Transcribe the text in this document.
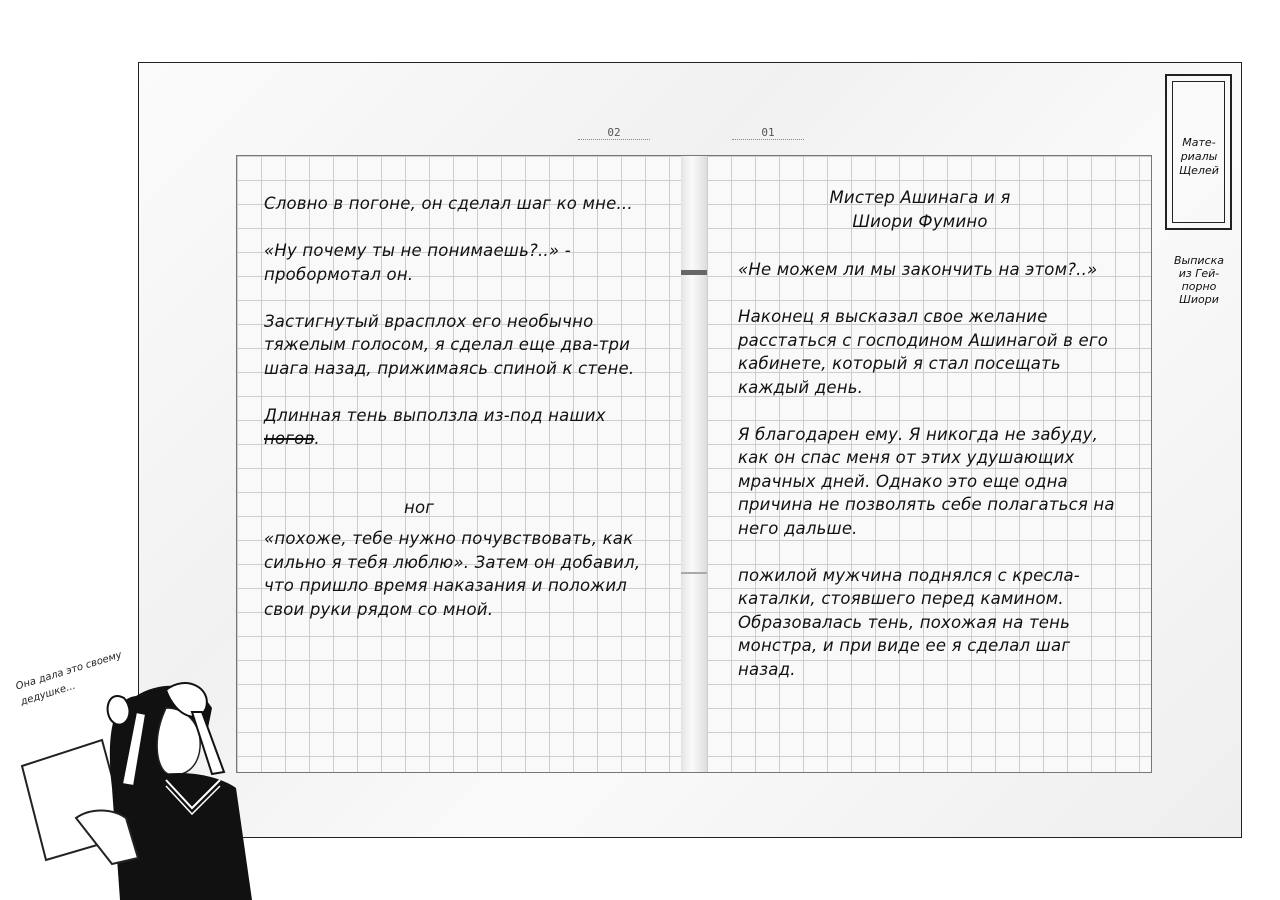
02	01
Словно в погоне, он сделал шаг ко мне...
«Ну почему ты не понимаешь?..» - пробормотал он.
Застигнутый врасплох его необычно тяжелым голосом, я сделал еще два-три шага назад, прижимаясь спиной к стене.
Длинная тень выползла из-под наших ногов.
ног
«похоже, тебе нужно почувствовать, как сильно я тебя люблю». Затем он добавил, что пришло время наказания и положил свои руки рядом со мной.
Мистер Ашинага и я
Шиори Фумино
«Не можем ли мы закончить на этом?..»
Наконец я высказал свое желание расстаться с господином Ашинагой в его кабинете, который я стал посещать каждый день.
Я благодарен ему. Я никогда не забуду, как он спас меня от этих удушающих мрачных дней. Однако это еще одна причина не позволять себе полагаться на него дальше.
пожилой мужчина поднялся с кресла-каталки, стоявшего перед камином. Образовалась тень, похожая на тень монстра, и при виде ее я сделал шаг назад.
Мате-
риалы
Щелей
Выписка
из Гей-
порно
Шиори
Она дала это своему дедушке...
